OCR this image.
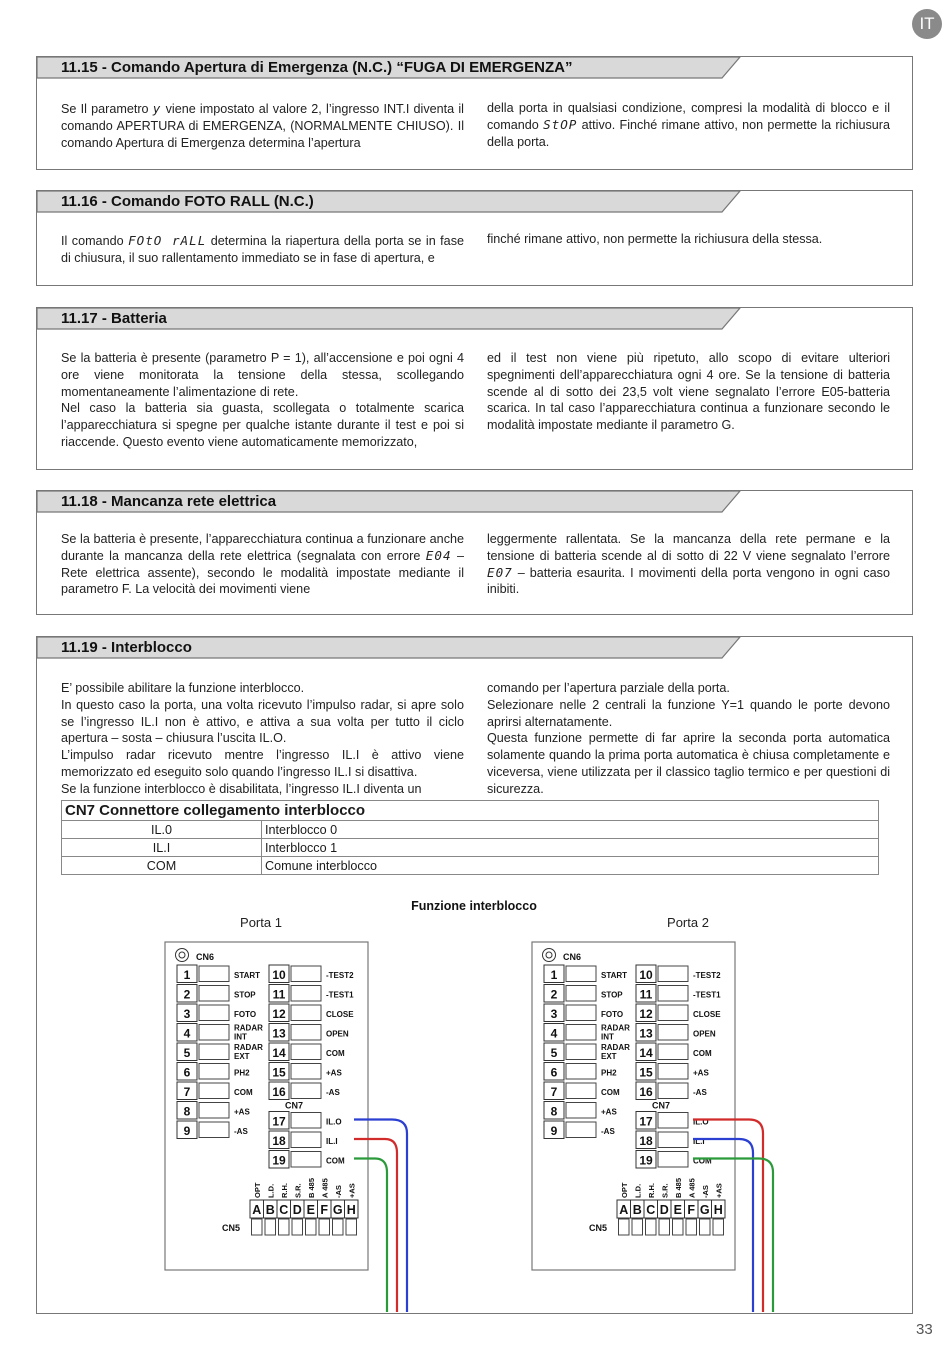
IT
11.15 - Comando Apertura di Emergenza (N.C.) “FUGA DI EMERGENZA”

Se Il parametro y viene impostato al valore 2, l’ingresso INT.I diventa il comando APERTURA di EMERGENZA, (NORMALMENTE CHIUSO). Il comando Apertura di Emergenza determina l’apertura

della porta in qualsiasi condizione, compresi la modalità di blocco e il comando StOP attivo. Finché rimane attivo, non permette la richiusura della porta.

11.16 - Comando FOTO RALL (N.C.)

Il comando FOtO rALL determina la riapertura della porta se in fase di chiusura, il suo rallentamento immediato se in fase di apertura, e

finché rimane attivo, non permette la richiusura della stessa.

11.17 - Batteria

Se la batteria è presente (parametro P = 1), all’accensione e poi ogni 4 ore viene monitorata la tensione della stessa, scollegando momentaneamente l’alimentazione di rete.

Nel caso la batteria sia guasta, scollegata o totalmente scarica l’apparecchiatura si spegne per qualche istante durante il test e poi si riaccende. Questo evento viene automaticamente memorizzato,

ed il test non viene più ripetuto, allo scopo di evitare ulteriori spegnimenti dell’apparecchiatura ogni 4 ore. Se la tensione di batteria scende al di sotto dei 23,5 volt viene segnalato l’errore E05-batteria scarica. In tal caso l’apparecchiatura continua a funzionare secondo le modalità impostate mediante il parametro G.

11.18 - Mancanza rete elettrica

Se la batteria è presente, l’apparecchiatura continua a funzionare anche durante la mancanza della rete elettrica (segnalata con errore E04 – Rete elettrica assente), secondo le modalità impostate mediante il parametro F. La velocità dei movimenti viene

leggermente rallentata. Se la mancanza della rete permane e la tensione di batteria scende al di sotto di 22 V viene segnalato l’errore E07 – batteria esaurita. I movimenti della porta vengono in ogni caso inibiti.

11.19 - Interblocco

E’ possibile abilitare la funzione interblocco.

In questo caso la porta, una volta ricevuto l’impulso radar, si apre solo se l’ingresso IL.I non è attivo, e attiva a sua volta per tutto il ciclo apertura – sosta – chiusura l’uscita IL.O.

L’impulso radar ricevuto mentre l’ingresso IL.I è attivo viene memorizzato ed eseguito solo quando l’ingresso IL.I si disattiva.

Se la funzione interblocco è disabilitata, l’ingresso IL.I diventa un

comando per l’apertura parziale della porta.

Selezionare nelle 2 centrali la funzione Y=1 quando le porte devono aprirsi alternatamente.

Questa funzione permette di far aprire la seconda porta automatica solamente quando la prima porta automatica è chiusa completamente e viceversa, viene utilizzata per il classico taglio termico e per questioni di sicurezza.

CN7 Connettore collegamento interblocco	
IL.0	Interblocco 0
IL.I	Interblocco 1
COM	Comune interblocco
Funzione interblocco
Porta 1	Porta 2
CN6
1	START
2	STOP
3	FOTO
4	RADAR INT
5	RADAR EXT
6	PH2
7	COM
8	+AS
9	-AS
10	-TEST2
11	-TEST1
12	CLOSE
13	OPEN
14	COM
15	+AS
16	-AS
CN7
17	IL.O
18	IL.I
19	COM
CN5
OPT
A
L.D.
B
R.H.
C
S.R.
D
B 485
E
A 485
F
-AS
G
+AS
H
CN6
1	START
2	STOP
3	FOTO
4	RADAR INT
5	RADAR EXT
6	PH2
7	COM
8	+AS
9	-AS
10	-TEST2
11	-TEST1
12	CLOSE
13	OPEN
14	COM
15	+AS
16	-AS
CN7
17	IL.O
18	IL.I
19	COM
CN5
OPT
A
L.D.
B
R.H.
C
S.R.
D
B 485
E
A 485
F
-AS
G
+AS
H
33
